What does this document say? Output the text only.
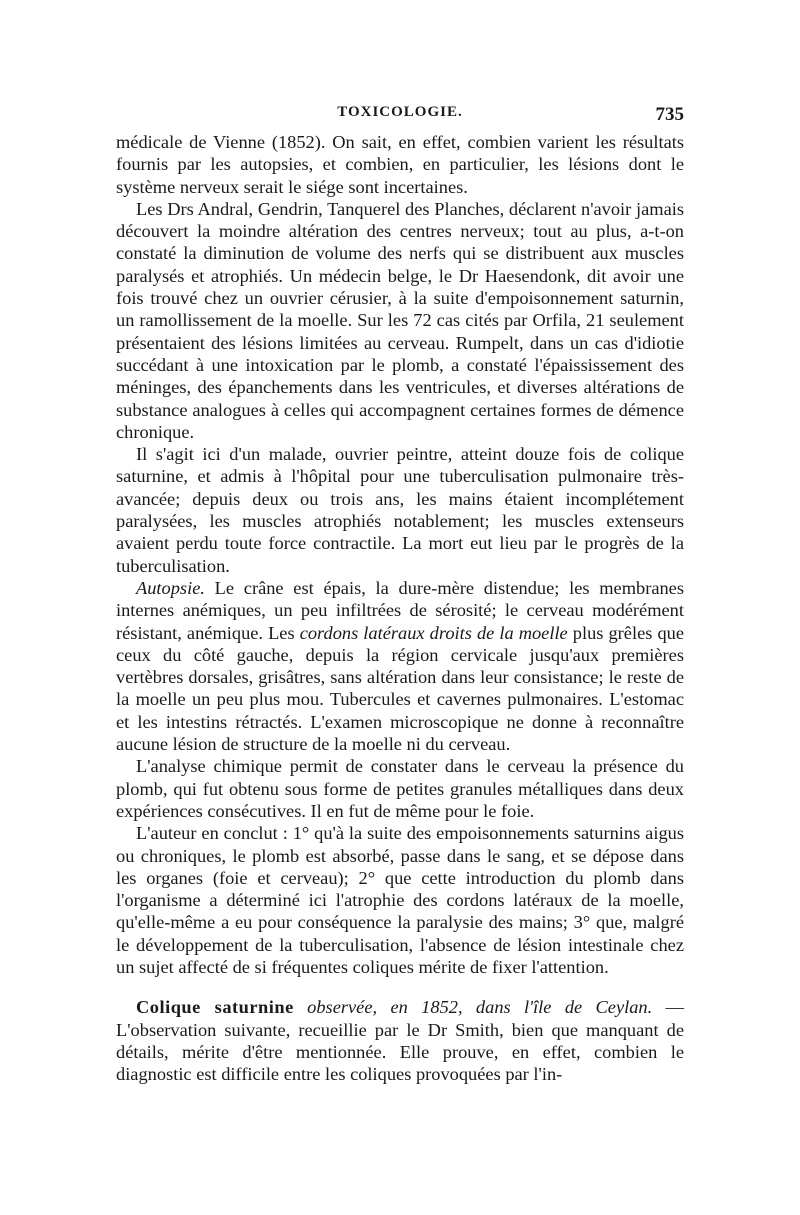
TOXICOLOGIE.	735

médicale de Vienne (1852). On sait, en effet, combien varient les résultats fournis par les autopsies, et combien, en particulier, les lésions dont le système nerveux serait le siége sont incertaines.

Les Drs Andral, Gendrin, Tanquerel des Planches, déclarent n'avoir jamais découvert la moindre altération des centres nerveux; tout au plus, a-t-on constaté la diminution de volume des nerfs qui se distribuent aux muscles paralysés et atrophiés. Un médecin belge, le Dr Haesendonk, dit avoir une fois trouvé chez un ouvrier cérusier, à la suite d'empoisonnement saturnin, un ramollissement de la moelle. Sur les 72 cas cités par Orfila, 21 seulement présentaient des lésions limitées au cerveau. Rumpelt, dans un cas d'idiotie succédant à une intoxication par le plomb, a constaté l'épaississement des méninges, des épanchements dans les ventricules, et diverses altérations de substance analogues à celles qui accompagnent certaines formes de démence chronique.

Il s'agit ici d'un malade, ouvrier peintre, atteint douze fois de colique saturnine, et admis à l'hôpital pour une tuberculisation pulmonaire très-avancée; depuis deux ou trois ans, les mains étaient incomplétement paralysées, les muscles atrophiés notablement; les muscles extenseurs avaient perdu toute force contractile. La mort eut lieu par le progrès de la tuberculisation.

Autopsie. Le crâne est épais, la dure-mère distendue; les membranes internes anémiques, un peu infiltrées de sérosité; le cerveau modérément résistant, anémique. Les cordons latéraux droits de la moelle plus grêles que ceux du côté gauche, depuis la région cervicale jusqu'aux premières vertèbres dorsales, grisâtres, sans altération dans leur consistance; le reste de la moelle un peu plus mou. Tubercules et cavernes pulmonaires. L'estomac et les intestins rétractés. L'examen microscopique ne donne à reconnaître aucune lésion de structure de la moelle ni du cerveau.

L'analyse chimique permit de constater dans le cerveau la présence du plomb, qui fut obtenu sous forme de petites granules métalliques dans deux expériences consécutives. Il en fut de même pour le foie.

L'auteur en conclut : 1° qu'à la suite des empoisonnements saturnins aigus ou chroniques, le plomb est absorbé, passe dans le sang, et se dépose dans les organes (foie et cerveau); 2° que cette introduction du plomb dans l'organisme a déterminé ici l'atrophie des cordons latéraux de la moelle, qu'elle-même a eu pour conséquence la paralysie des mains; 3° que, malgré le développement de la tuberculisation, l'absence de lésion intestinale chez un sujet affecté de si fréquentes coliques mérite de fixer l'attention.

Colique saturnine observée, en 1852, dans l'île de Ceylan. — L'observation suivante, recueillie par le Dr Smith, bien que manquant de détails, mérite d'être mentionnée. Elle prouve, en effet, combien le diagnostic est difficile entre les coliques provoquées par l'in-
